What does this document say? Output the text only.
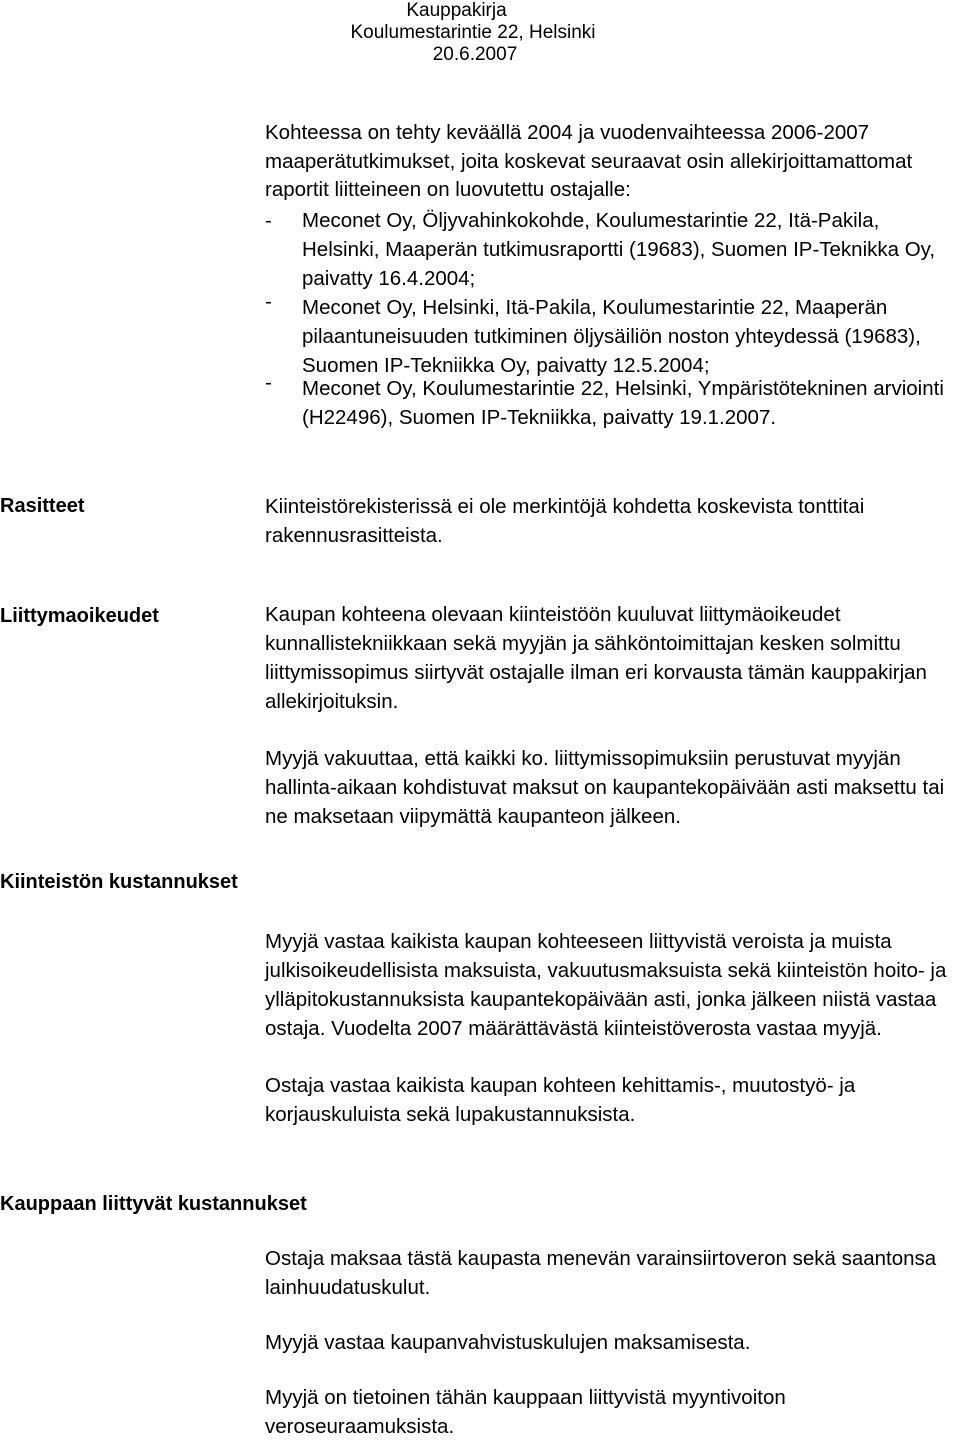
Kauppakirja
Koulumestarintie 22, Helsinki
20.6.2007
Kohteessa on tehty keväällä 2004 ja vuodenvaihteessa 2006-2007 maaperätutkimukset, joita koskevat seuraavat osin allekirjoittamattomat raportit liitteineen on luovutettu ostajalle:
- Meconet Oy, Öljyvahinkokohde, Koulumestarintie 22, Itä-Pakila, Helsinki, Maaperän tutkimusraportti (19683), Suomen IP-Teknikka Oy, paivatty 16.4.2004;
- Meconet Oy, Helsinki, Itä-Pakila, Koulumestarintie 22, Maaperän pilaantuneisuuden tutkiminen öljysäiliön noston yhteydessä (19683), Suomen IP-Tekniikka Oy, paivatty 12.5.2004;
- Meconet Oy, Koulumestarintie 22, Helsinki, Ympäristötekninen arviointi (H22496), Suomen IP-Tekniikka, paivatty 19.1.2007.
Rasitteet	Kiinteistörekisterissä ei ole merkintöjä kohdetta koskevista tonttitai rakennusrasitteista.
Liittymaoikeudet	Kaupan kohteena olevaan kiinteistöön kuuluvat liittymäoikeudet kunnallistekniikkaan sekä myyjän ja sähköntoimittajan kesken solmittu liittymissopimus siirtyvät ostajalle ilman eri korvausta tämän kauppakirjan allekirjoituksin.
Myyjä vakuuttaa, että kaikki ko. liittymissopimuksiin perustuvat myyjän hallinta-aikaan kohdistuvat maksut on kaupantekopäivään asti maksettu tai ne maksetaan viipymättä kaupanteon jälkeen.
Kiinteistön kustannukset
Myyjä vastaa kaikista kaupan kohteeseen liittyvistä veroista ja muista julkisoikeudellisista maksuista, vakuutusmaksuista sekä kiinteistön hoito- ja ylläpitokustannuksista kaupantekopäivään asti, jonka jälkeen niistä vastaa ostaja. Vuodelta 2007 määrättävästä kiinteistöverosta vastaa myyjä.
Ostaja vastaa kaikista kaupan kohteen kehittamis-, muutostyö- ja korjauskuluista sekä lupakustannuksista.
Kauppaan liittyvät kustannukset
Ostaja maksaa tästä kaupasta menevän varainsiirtoveron sekä saantonsa lainhuudatuskulut.
Myyjä vastaa kaupanvahvistuskulujen maksamisesta.
Myyjä on tietoinen tähän kauppaan liittyvistä myyntivoiton veroseuraamuksista.
